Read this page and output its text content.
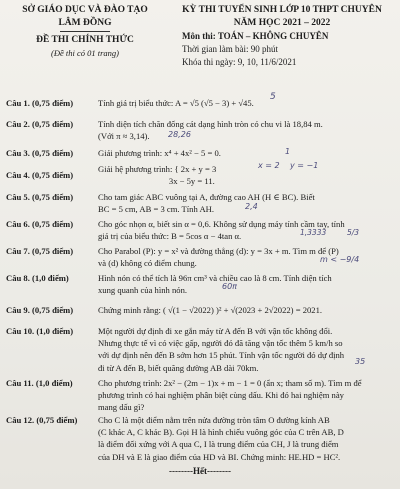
SỞ GIÁO DỤC VÀ ĐÀO TẠO
LÂM ĐỒNG
ĐỀ THI CHÍNH THỨC
(Đề thi có 01 trang)
KỲ THI TUYỂN SINH LỚP 10 THPT CHUYÊN
NĂM HỌC 2021 – 2022
Môn thi: TOÁN – KHÔNG CHUYÊN
Thời gian làm bài: 90 phút
Khóa thi ngày: 9, 10, 11/6/2021
Câu 1. (0,75 điểm)	Tính giá trị biểu thức: A = √5 (√5 − 3) + √45.
Câu 2. (0,75 điểm)	Tính diện tích chăn đống cát dạng hình tròn có chu vi là 18,84 m.
(Với π ≈ 3,14).
Câu 3. (0,75 điểm)	Giải phương trình: x⁴ + 4x² − 5 = 0.
Câu 4. (0,75 điểm)
Giải hệ phương trình: { 2x + y = 3
3x − 5y = 11.
Câu 5. (0,75 điểm)	Cho tam giác ABC vuông tại A, đường cao AH (H ∈ BC). Biết
BC = 5 cm, AB = 3 cm. Tính AH.
Câu 6. (0,75 điểm)	Cho góc nhọn α, biết sin α = 0,6. Không sử dụng máy tính cầm tay, tính
giá trị của biểu thức: B = 5cos α − 4tan α.
Câu 7. (0,75 điểm)	Cho Parabol (P): y = x² và đường thẳng (d): y = 3x + m. Tìm m để (P)
và (d) không có điểm chung.
Câu 8. (1,0 điểm)	Hình nón có thể tích là 96π cm³ và chiều cao là 8 cm. Tính diện tích
xung quanh của hình nón.
Câu 9. (0,75 điểm)	Chứng minh rằng: ( √(1 − √2022) )² + √(2023 + 2√2022) = 2021.
Câu 10. (1,0 điểm)	Một người dự định đi xe gắn máy từ A đến B với vận tốc không đổi.
Nhưng thực tế vì có việc gấp, người đó đã tăng vận tốc thêm 5 km/h so
với dự định nên đến B sớm hơn 15 phút. Tính vận tốc người đó dự định
đi từ A đến B, biết quãng đường AB dài 70km.
Câu 11. (1,0 điểm)	Cho phương trình: 2x² − (2m − 1)x + m − 1 = 0 (ẩn x; tham số m). Tìm m để
phương trình có hai nghiệm phân biệt cùng dấu. Khi đó hai nghiệm này
mang dấu gì?
Câu 12. (0,75 điểm)	Cho C là một điểm nằm trên nửa đường tròn tâm O đường kính AB
(C khác A, C khác B). Gọi H là hình chiếu vuông góc của C trên AB, D
là điểm đối xứng với A qua C, I là trung điểm của CH, J là trung điểm
của DH và E là giao điểm của HD và BI. Chứng minh: HE.HD = HC².
5
28,26
1
x = 2 y = −1
2,4
1,3333	5/3
m < −9/4
60π
35
--------Hết--------
